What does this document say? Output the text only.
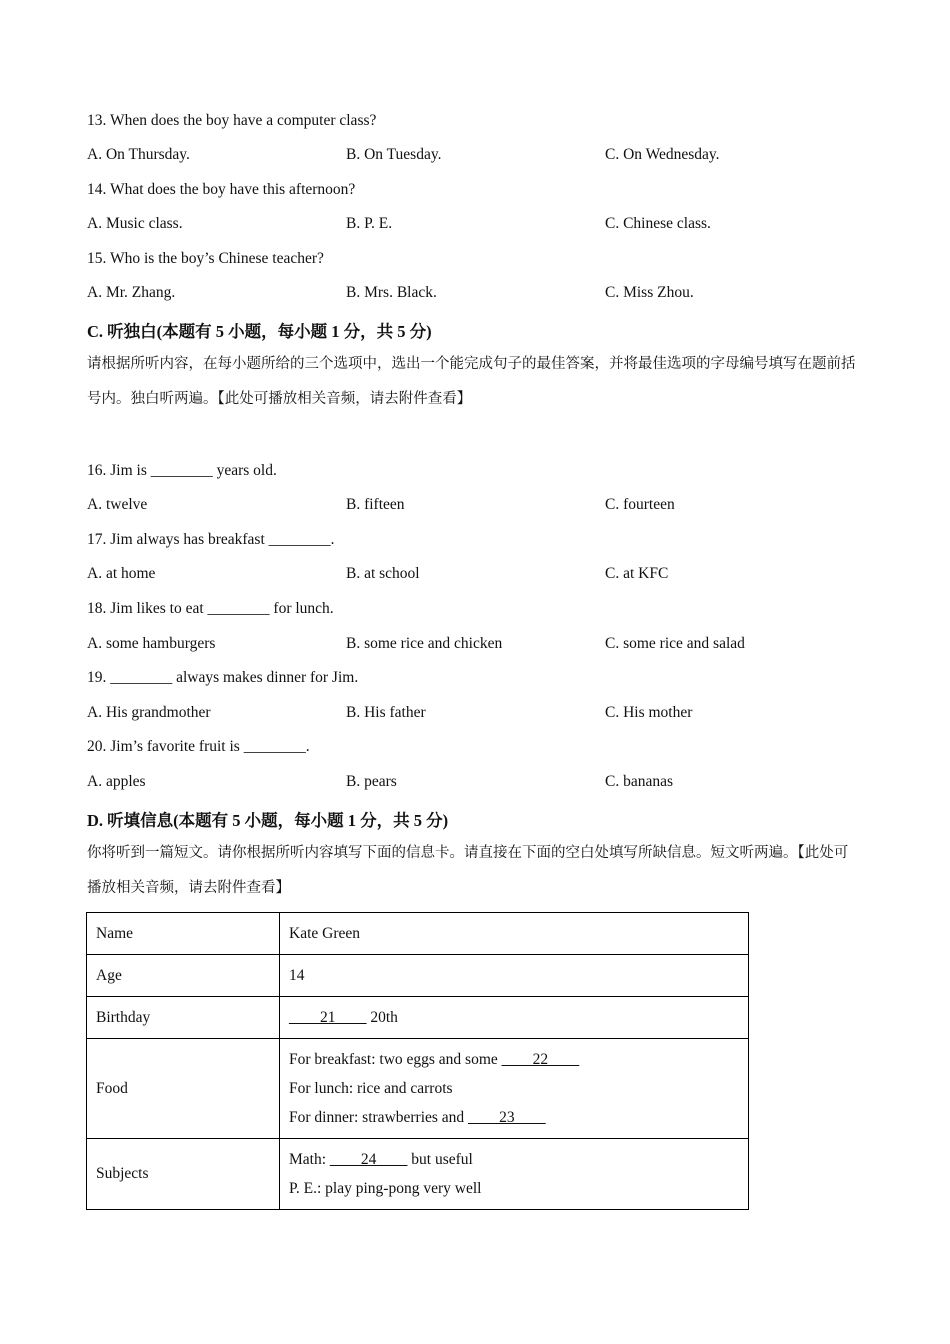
13. When does the boy have a computer class?
A. On Thursday.	B. On Tuesday.	C. On Wednesday.
14. What does the boy have this afternoon?
A. Music class.	B. P. E.	C. Chinese class.
15. Who is the boy’s Chinese teacher?
A. Mr. Zhang.	B. Mrs. Black.	C. Miss Zhou.
C. 听独白(本题有 5 小题，每小题 1 分，共 5 分)
请根据所听内容，在每小题所给的三个选项中，选出一个能完成句子的最佳答案，并将最佳选项的字母编号填写在题前括号内。独白听两遍。【此处可播放相关音频，请去附件查看】
16. Jim is ________ years old.
A. twelve	B. fifteen	C. fourteen
17. Jim always has breakfast ________.
A. at home	B. at school	C. at KFC
18. Jim likes to eat ________ for lunch.
A. some hamburgers	B. some rice and chicken	C. some rice and salad
19. ________ always makes dinner for Jim.
A. His grandmother	B. His father	C. His mother
20. Jim’s favorite fruit is ________.
A. apples	B. pears	C. bananas
D. 听填信息(本题有 5 小题，每小题 1 分，共 5 分)
你将听到一篇短文。请你根据所听内容填写下面的信息卡。请直接在下面的空白处填写所缺信息。短文听两遍。【此处可播放相关音频，请去附件查看】
Name	Kate Green
Age	14
Birthday	____21____ 20th
Food	For breakfast: two eggs and some ____22____
For lunch: rice and carrots
For dinner: strawberries and ____23____

Subjects	Math: ____24____ but useful
P. E.: play ping-pong very well
